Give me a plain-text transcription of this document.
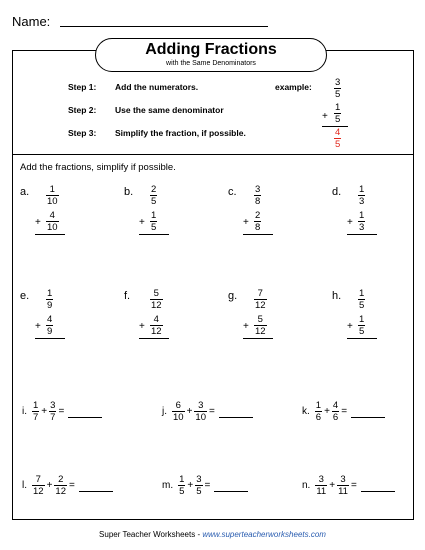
Name:
Adding Fractions
with the Same Denominators
Step 1: Add the numerators.
Step 2: Use the same denominator
Step 3: Simplify the fraction, if possible.
example: $\frac{3}{5}$
+ $\frac{1}{5}$
$\frac{4}{5}$
Add the fractions, simplify if possible.
a. $\frac{1}{10}$
+ $\frac{4}{10}$
b. $\frac{2}{5}$
+ $\frac{1}{5}$
c. $\frac{3}{8}$
+ $\frac{2}{8}$
d. $\frac{1}{3}$
+ $\frac{1}{3}$
e. $\frac{1}{9}$
+ $\frac{4}{9}$
f. $\frac{5}{12}$
+ $\frac{4}{12}$
g. $\frac{7}{12}$
+ $\frac{5}{12}$
h. $\frac{1}{5}$
+ $\frac{1}{5}$
i. $\frac{1}{7} + \frac{3}{7}$ =	j. $\frac{6}{10} + \frac{3}{10}$ =	k. $\frac{1}{6} + \frac{4}{6}$ =
l. $\frac{7}{12} + \frac{2}{12}$ =	m. $\frac{1}{5} + \frac{3}{5}$ =	n. $\frac{3}{11} + \frac{3}{11}$ =
Super Teacher Worksheets - www.superteacherworksheets.com
